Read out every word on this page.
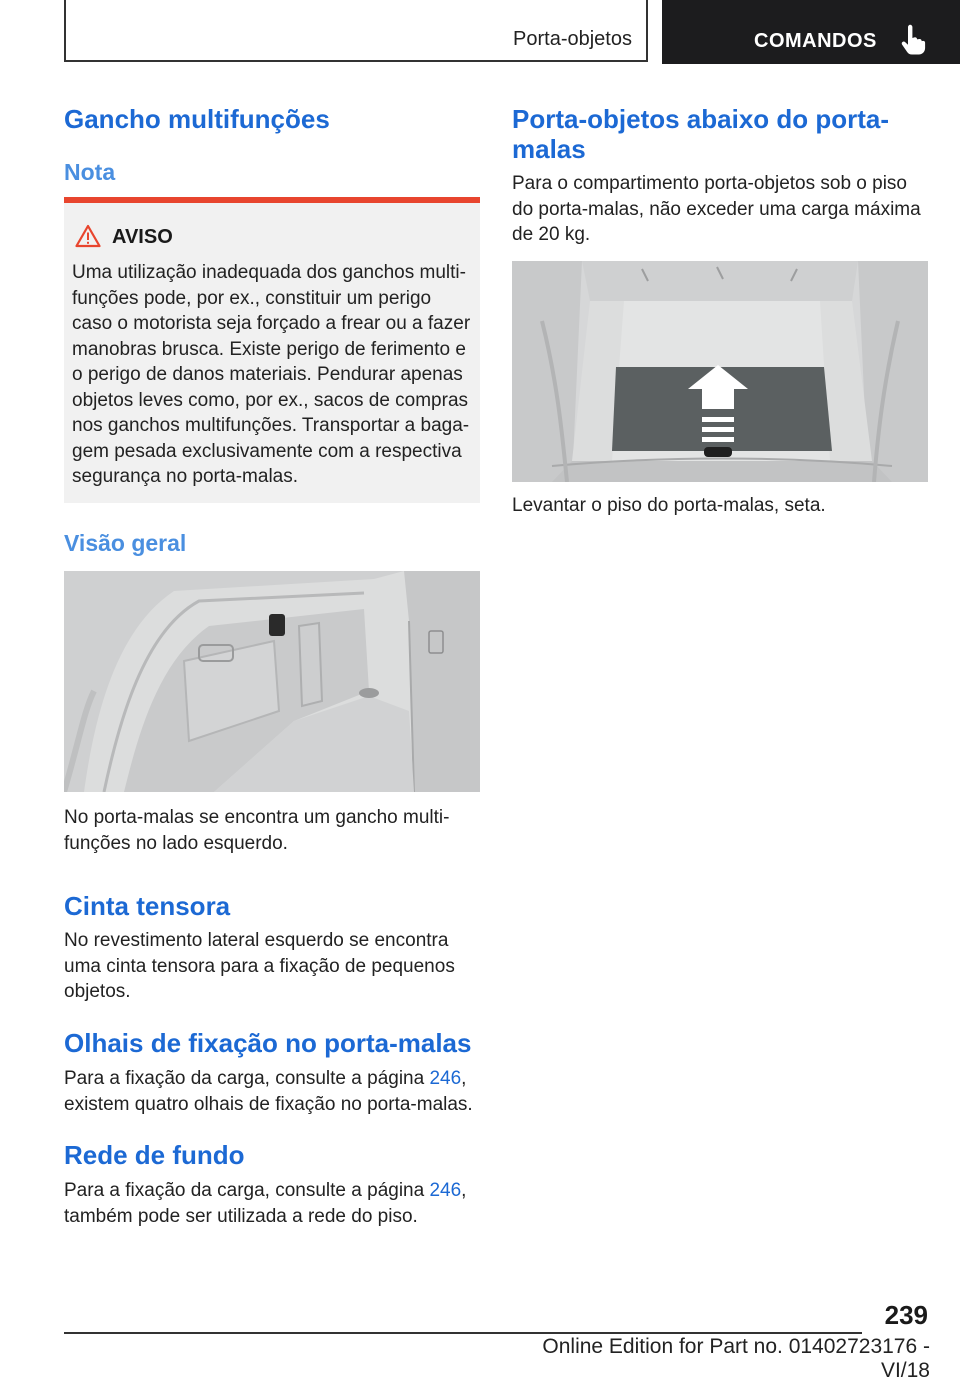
Porta-objetos	COMANDOS
Gancho multifunções
Nota
AVISO
Uma utilização inadequada dos ganchos multi‐
funções pode, por ex., constituir um perigo
caso o motorista seja forçado a frear ou a fazer
manobras brusca. Existe perigo de ferimento e
o perigo de danos materiais. Pendurar apenas
objetos leves como, por ex., sacos de compras
nos ganchos multifunções. Transportar a baga‐
gem pesada exclusivamente com a respectiva
segurança no porta-malas.
Visão geral
No porta-malas se encontra um gancho multi‐
funções no lado esquerdo.
Cinta tensora
No revestimento lateral esquerdo se encontra
uma cinta tensora para a fixação de pequenos
objetos.
Olhais de fixação no porta-malas
Para a fixação da carga, consulte a página 246,
existem quatro olhais de fixação no porta-malas.
Rede de fundo
Para a fixação da carga, consulte a página 246,
também pode ser utilizada a rede do piso.
Porta-objetos abaixo do porta-
malas
Para o compartimento porta-objetos sob o piso
do porta-malas, não exceder uma carga máxima
de 20 kg.
Levantar o piso do porta-malas, seta.
239
Online Edition for Part no. 01402723176 - VI/18
